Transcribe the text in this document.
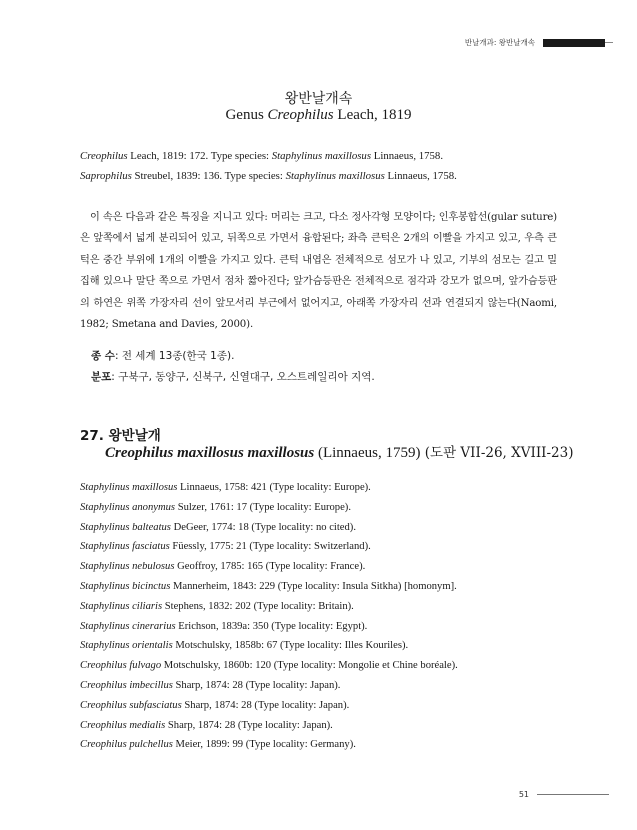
반날개과: 왕반날개속
왕반날개속
Genus Creophilus Leach, 1819
Creophilus Leach, 1819: 172. Type species: Staphylinus maxillosus Linnaeus, 1758.
Saprophilus Streubel, 1839: 136. Type species: Staphylinus maxillosus Linnaeus, 1758.

이 속은 다음과 같은 특징을 지니고 있다: 머리는 크고, 다소 정사각형 모양이다; 인후봉합선(gular suture)은 앞쪽에서 넓게 분리되어 있고, 뒤쪽으로 가면서 융합된다; 좌측 큰턱은 2개의 이빨을 가지고 있고, 우측 큰턱은 중간 부위에 1개의 이빨을 가지고 있다. 큰턱 내엽은 전체적으로 섬모가 나 있고, 기부의 섬모는 길고 밀집해 있으나 말단 쪽으로 가면서 점차 짧아진다; 앞가슴등판은 전체적으로 점각과 강모가 없으며, 앞가슴등판의 하연은 위쪽 가장자리 선이 앞모서리 부근에서 없어지고, 아래쪽 가장자리 선과 연결되지 않는다(Naomi, 1982; Smetana and Davies, 2000).

종 수: 전 세계 13종(한국 1종).
분포: 구북구, 동양구, 신북구, 신열대구, 오스트레일리아 지역.
27. 왕반날개
Creophilus maxillosus maxillosus (Linnaeus, 1759) (도판 VII-26, XVIII-23)
Staphylinus maxillosus Linnaeus, 1758: 421 (Type locality: Europe).
Staphylinus anonymus Sulzer, 1761: 17 (Type locality: Europe).
Staphylinus balteatus DeGeer, 1774: 18 (Type locality: no cited).
Staphylinus fasciatus Füessly, 1775: 21 (Type locality: Switzerland).
Staphylinus nebulosus Geoffroy, 1785: 165 (Type locality: France).
Staphylinus bicinctus Mannerheim, 1843: 229 (Type locality: Insula Sitkha) [homonym].
Staphylinus ciliaris Stephens, 1832: 202 (Type locality: Britain).
Staphylinus cinerarius Erichson, 1839a: 350 (Type locality: Egypt).
Staphylinus orientalis Motschulsky, 1858b: 67 (Type locality: Illes Kouriles).
Creophilus fulvago Motschulsky, 1860b: 120 (Type locality: Mongolie et Chine boréale).
Creophilus imbecillus Sharp, 1874: 28 (Type locality: Japan).
Creophilus subfasciatus Sharp, 1874: 28 (Type locality: Japan).
Creophilus medialis Sharp, 1874: 28 (Type locality: Japan).
Creophilus pulchellus Meier, 1899: 99 (Type locality: Germany).
51
